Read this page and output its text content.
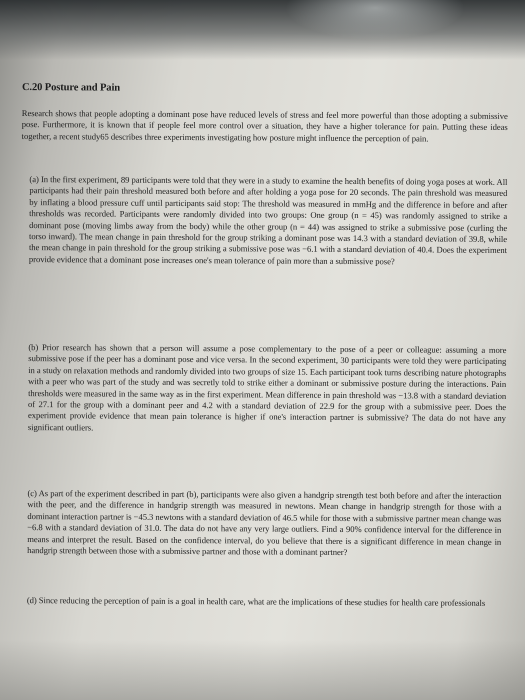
C.20 Posture and Pain
Research shows that people adopting a dominant pose have reduced levels of stress and feel more powerful than those adopting a submissive pose. Furthermore, it is known that if people feel more control over a situation, they have a higher tolerance for pain. Putting these ideas together, a recent study65 describes three experiments investigating how posture might influence the perception of pain.
(a) In the first experiment, 89 participants were told that they were in a study to examine the health benefits of doing yoga poses at work. All participants had their pain threshold measured both before and after holding a yoga pose for 20 seconds. The pain threshold was measured by inflating a blood pressure cuff until participants said stop: The threshold was measured in mmHg and the difference in before and after thresholds was recorded. Participants were randomly divided into two groups: One group (n = 45) was randomly assigned to strike a dominant pose (moving limbs away from the body) while the other group (n = 44) was assigned to strike a submissive pose (curling the torso inward). The mean change in pain threshold for the group striking a dominant pose was 14.3 with a standard deviation of 39.8, while the mean change in pain threshold for the group striking a submissive pose was −6.1 with a standard deviation of 40.4. Does the experiment provide evidence that a dominant pose increases one's mean tolerance of pain more than a submissive pose?
(b) Prior research has shown that a person will assume a pose complementary to the pose of a peer or colleague: assuming a more submissive pose if the peer has a dominant pose and vice versa. In the second experiment, 30 participants were told they were participating in a study on relaxation methods and randomly divided into two groups of size 15. Each participant took turns describing nature photographs with a peer who was part of the study and was secretly told to strike either a dominant or submissive posture during the interactions. Pain thresholds were measured in the same way as in the first experiment. Mean difference in pain threshold was −13.8 with a standard deviation of 27.1 for the group with a dominant peer and 4.2 with a standard deviation of 22.9 for the group with a submissive peer. Does the experiment provide evidence that mean pain tolerance is higher if one's interaction partner is submissive? The data do not have any significant outliers.
(c) As part of the experiment described in part (b), participants were also given a handgrip strength test both before and after the interaction with the peer, and the difference in handgrip strength was measured in newtons. Mean change in handgrip strength for those with a dominant interaction partner is −45.3 newtons with a standard deviation of 46.5 while for those with a submissive partner mean change was −6.8 with a standard deviation of 31.0. The data do not have any very large outliers. Find a 90% confidence interval for the difference in means and interpret the result. Based on the confidence interval, do you believe that there is a significant difference in mean change in handgrip strength between those with a submissive partner and those with a dominant partner?
(d) Since reducing the perception of pain is a goal in health care, what are the implications of these studies for health care professionals
